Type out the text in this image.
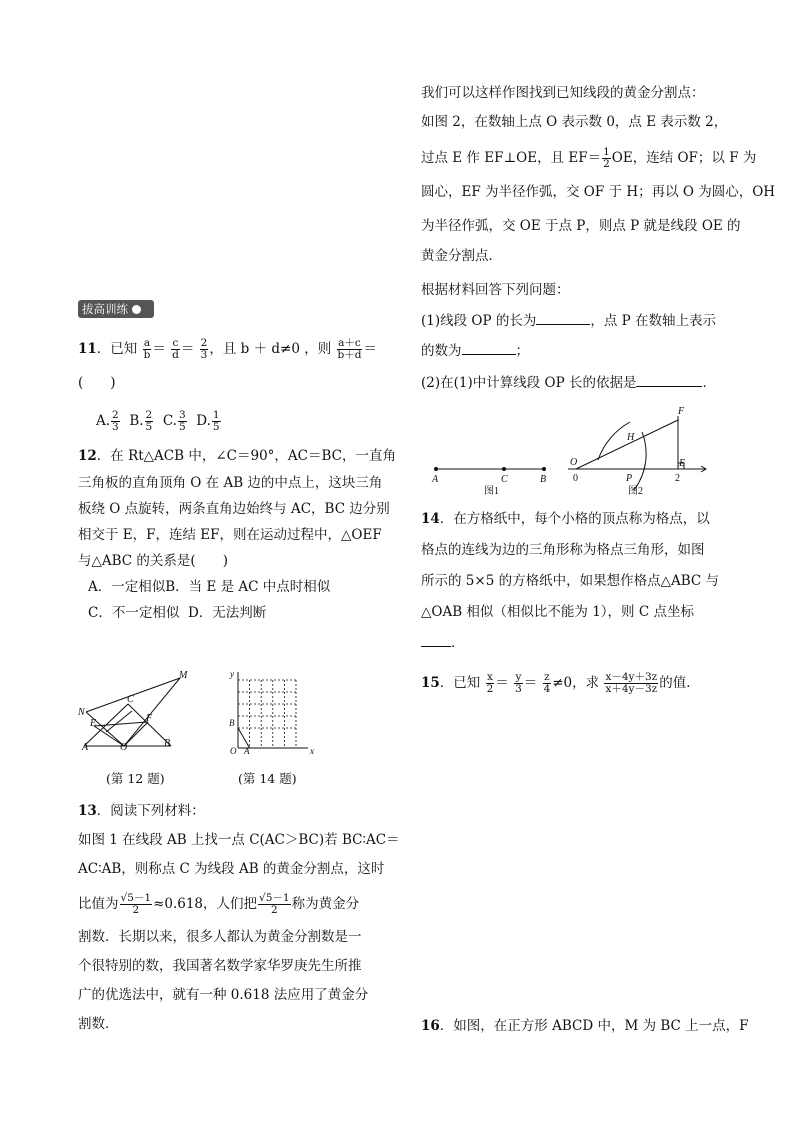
拔高训练
11．已知 $\frac{a}{b} = \frac{c}{d} = \frac{2}{3}$ ，且 b ＋ d≠0 ，则 $\frac{a+c}{b+d}$ ＝
(　　)
A. $\frac{2}{3} B$. $\frac{2}{5} C$. $\frac{3}{5} D$. $\frac{1}{5}$
12．在 Rt△ACB 中，∠C＝90°，AC＝BC，一直角
三角板的直角顶角 O 在 AB 边的中点上，这块三角
板绕 O 点旋转，两条直角边始终与 AC，BC 边分别
相交于 E，F，连结 EF，则在运动过程中，△OEF
与△ABC 的关系是(　　)
A．一定相似B．当 E 是 AC 中点时相似
C．不一定相似 D．无法判断
M
N
C
E	F
A	O	B
(第 12 题)
y
A
B
O	x
(第 14 题)
13．阅读下列材料：
如图 1 在线段 AB 上找一点 C(AC＞BC)若 BC∶AC＝
AC∶AB，则称点 C 为线段 AB 的黄金分割点，这时
比值为 $\frac{√5-1}{2} \approx 0.618$，人们把 $\frac{√5-1}{2}$ 称为黄金分
割数．长期以来，很多人都认为黄金分割数是一
个很特别的数，我国著名数学家华罗庚先生所推
广的优选法中，就有一种 0.618 法应用了黄金分
割数．
我们可以这样作图找到已知线段的黄金分割点：
如图 2，在数轴上点 O 表示数 0，点 E 表示数 2，
过点 E 作 EF⊥OE，且 $EF= \frac{1}{2}$ OE，连结 OF；以 F 为
圆心，EF 为半径作弧，交 OF 于 H；再以 O 为圆心，OH
为半径作弧，交 OE 于点 P，则点 P 就是线段 OE 的
黄金分割点．
根据材料回答下列问题：
(1)线段 OP 的长为	，点 P 在数轴上表示
的数为	；
(2)在(1)中计算线段 OP 长的依据是	．
A	C	B
F
H
O
0	P
E
2
图1	图2
14．在方格纸中，每个小格的顶点称为格点，以
格点的连线为边的三角形称为格点三角形，如图
所示的 5×5 的方格纸中，如果想作格点△ABC 与
△OAB 相似（相似比不能为 1），则 C 点坐标
．
15．已知 $\frac{x}{2} = \frac{y}{3} = \frac{z}{4} \ne 0$，求 $\frac{x-4y+3z}{x+4y-3z}$ 的值．
16．如图，在正方形 ABCD 中，M 为 BC 上一点，F
